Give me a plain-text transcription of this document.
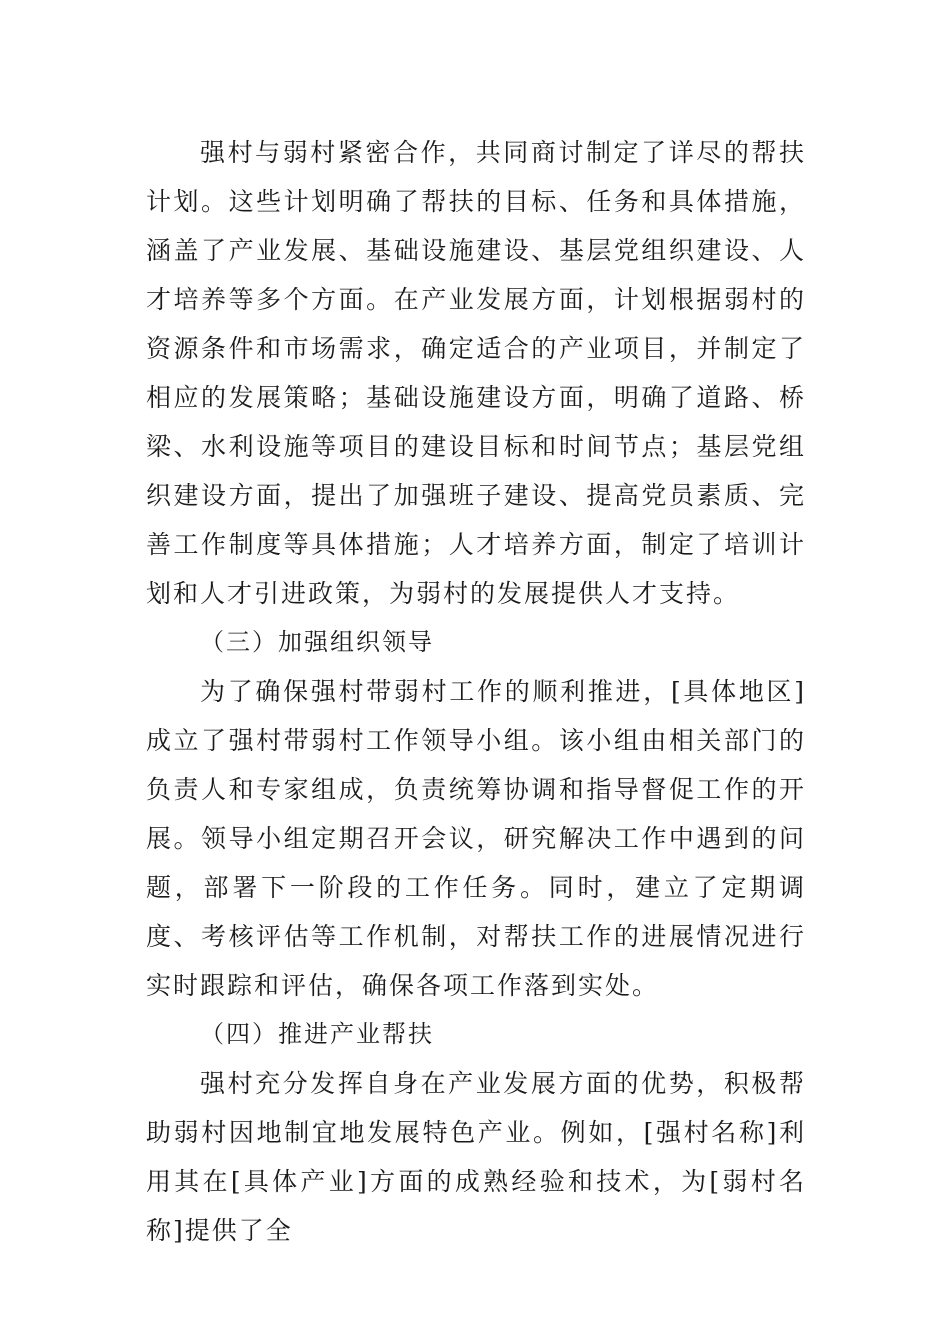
强村与弱村紧密合作，共同商讨制定了详尽的帮扶计划。这些计划明确了帮扶的目标、任务和具体措施，涵盖了产业发展、基础设施建设、基层党组织建设、人才培养等多个方面。在产业发展方面，计划根据弱村的资源条件和市场需求，确定适合的产业项目，并制定了相应的发展策略；基础设施建设方面，明确了道路、桥梁、水利设施等项目的建设目标和时间节点；基层党组织建设方面，提出了加强班子建设、提高党员素质、完善工作制度等具体措施；人才培养方面，制定了培训计划和人才引进政策，为弱村的发展提供人才支持。

（三）加强组织领导

为了确保强村带弱村工作的顺利推进，[具体地区]成立了强村带弱村工作领导小组。该小组由相关部门的负责人和专家组成，负责统筹协调和指导督促工作的开展。领导小组定期召开会议，研究解决工作中遇到的问题，部署下一阶段的工作任务。同时，建立了定期调度、考核评估等工作机制，对帮扶工作的进展情况进行实时跟踪和评估，确保各项工作落到实处。

（四）推进产业帮扶

强村充分发挥自身在产业发展方面的优势，积极帮助弱村因地制宜地发展特色产业。例如，[强村名称]利用其在[具体产业]方面的成熟经验和技术，为[弱村名称]提供了全
